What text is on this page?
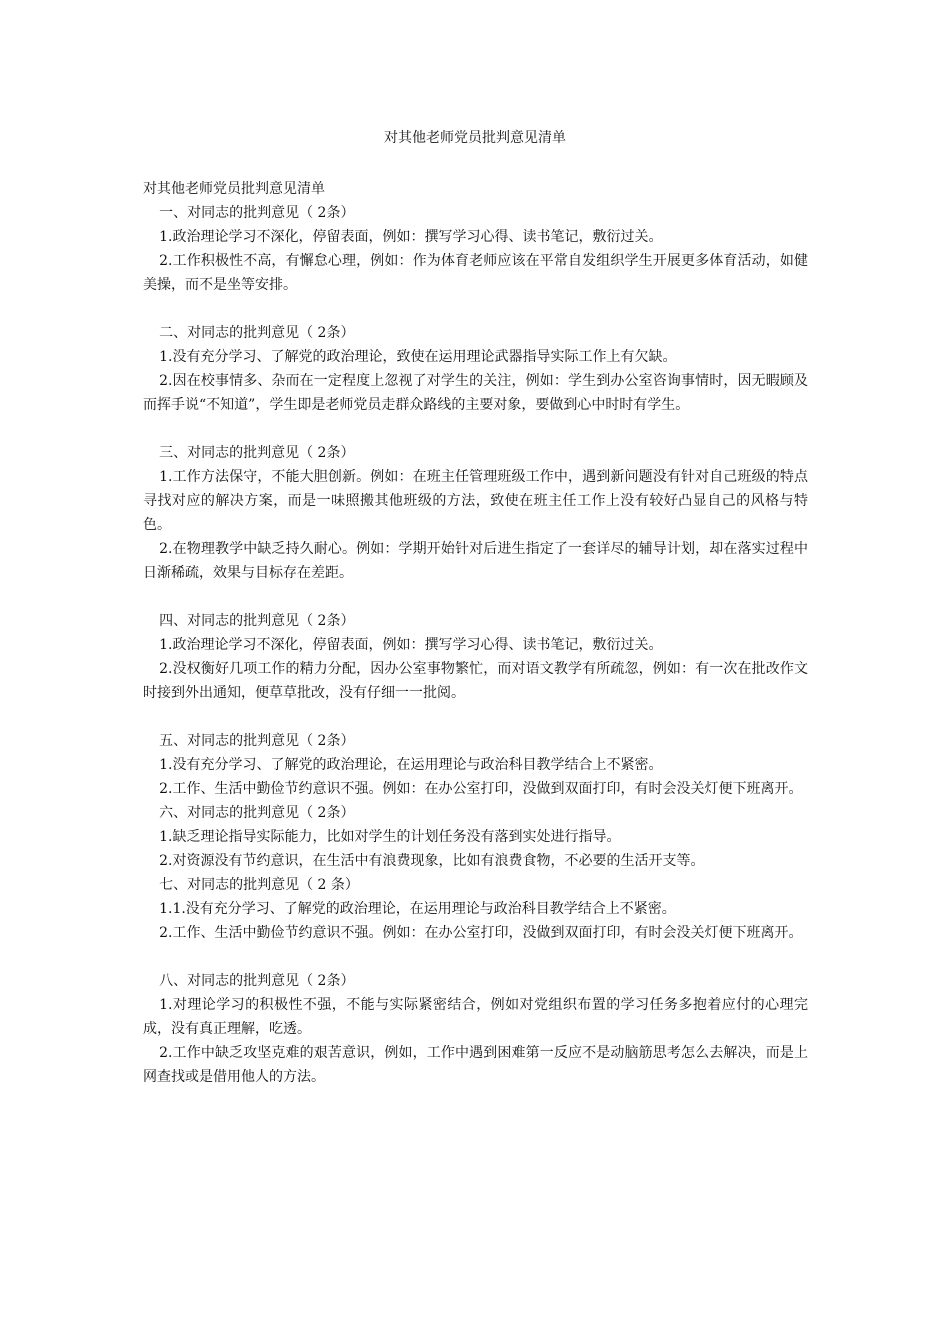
对其他老师党员批判意见清单

对其他老师党员批判意见清单

一、对同志的批判意见（ 2条）

1.政治理论学习不深化，停留表面，例如：撰写学习心得、读书笔记，敷衍过关。

2.工作积极性不高，有懈怠心理，例如：作为体育老师应该在平常自发组织学生开展更多体育活动，如健美操，而不是坐等安排。

二、对同志的批判意见（ 2条）

1.没有充分学习、了解党的政治理论，致使在运用理论武器指导实际工作上有欠缺。

2.因在校事情多、杂而在一定程度上忽视了对学生的关注，例如：学生到办公室咨询事情时，因无暇顾及而挥手说“不知道”，学生即是老师党员走群众路线的主要对象，要做到心中时时有学生。

三、对同志的批判意见（ 2条）

1.工作方法保守，不能大胆创新。例如：在班主任管理班级工作中，遇到新问题没有针对自己班级的特点寻找对应的解决方案，而是一味照搬其他班级的方法，致使在班主任工作上没有较好凸显自己的风格与特色。

2.在物理教学中缺乏持久耐心。例如：学期开始针对后进生指定了一套详尽的辅导计划，却在落实过程中日渐稀疏，效果与目标存在差距。

四、对同志的批判意见（ 2条）

1.政治理论学习不深化，停留表面，例如：撰写学习心得、读书笔记，敷衍过关。

2.没权衡好几项工作的精力分配，因办公室事物繁忙，而对语文教学有所疏忽，例如：有一次在批改作文时接到外出通知，便草草批改，没有仔细一一批阅。

五、对同志的批判意见（ 2条）

1.没有充分学习、了解党的政治理论，在运用理论与政治科目教学结合上不紧密。

2.工作、生活中勤俭节约意识不强。例如：在办公室打印，没做到双面打印，有时会没关灯便下班离开。

六、对同志的批判意见（ 2条）

1.缺乏理论指导实际能力，比如对学生的计划任务没有落到实处进行指导。

2.对资源没有节约意识，在生活中有浪费现象，比如有浪费食物，不必要的生活开支等。

七、对同志的批判意见（ 2 条）

1.1.没有充分学习、了解党的政治理论，在运用理论与政治科目教学结合上不紧密。

2.工作、生活中勤俭节约意识不强。例如：在办公室打印，没做到双面打印，有时会没关灯便下班离开。

八、对同志的批判意见（ 2条）

1.对理论学习的积极性不强，不能与实际紧密结合，例如对党组织布置的学习任务多抱着应付的心理完成，没有真正理解，吃透。

2.工作中缺乏攻坚克难的艰苦意识，例如，工作中遇到困难第一反应不是动脑筋思考怎么去解决，而是上网查找或是借用他人的方法。
